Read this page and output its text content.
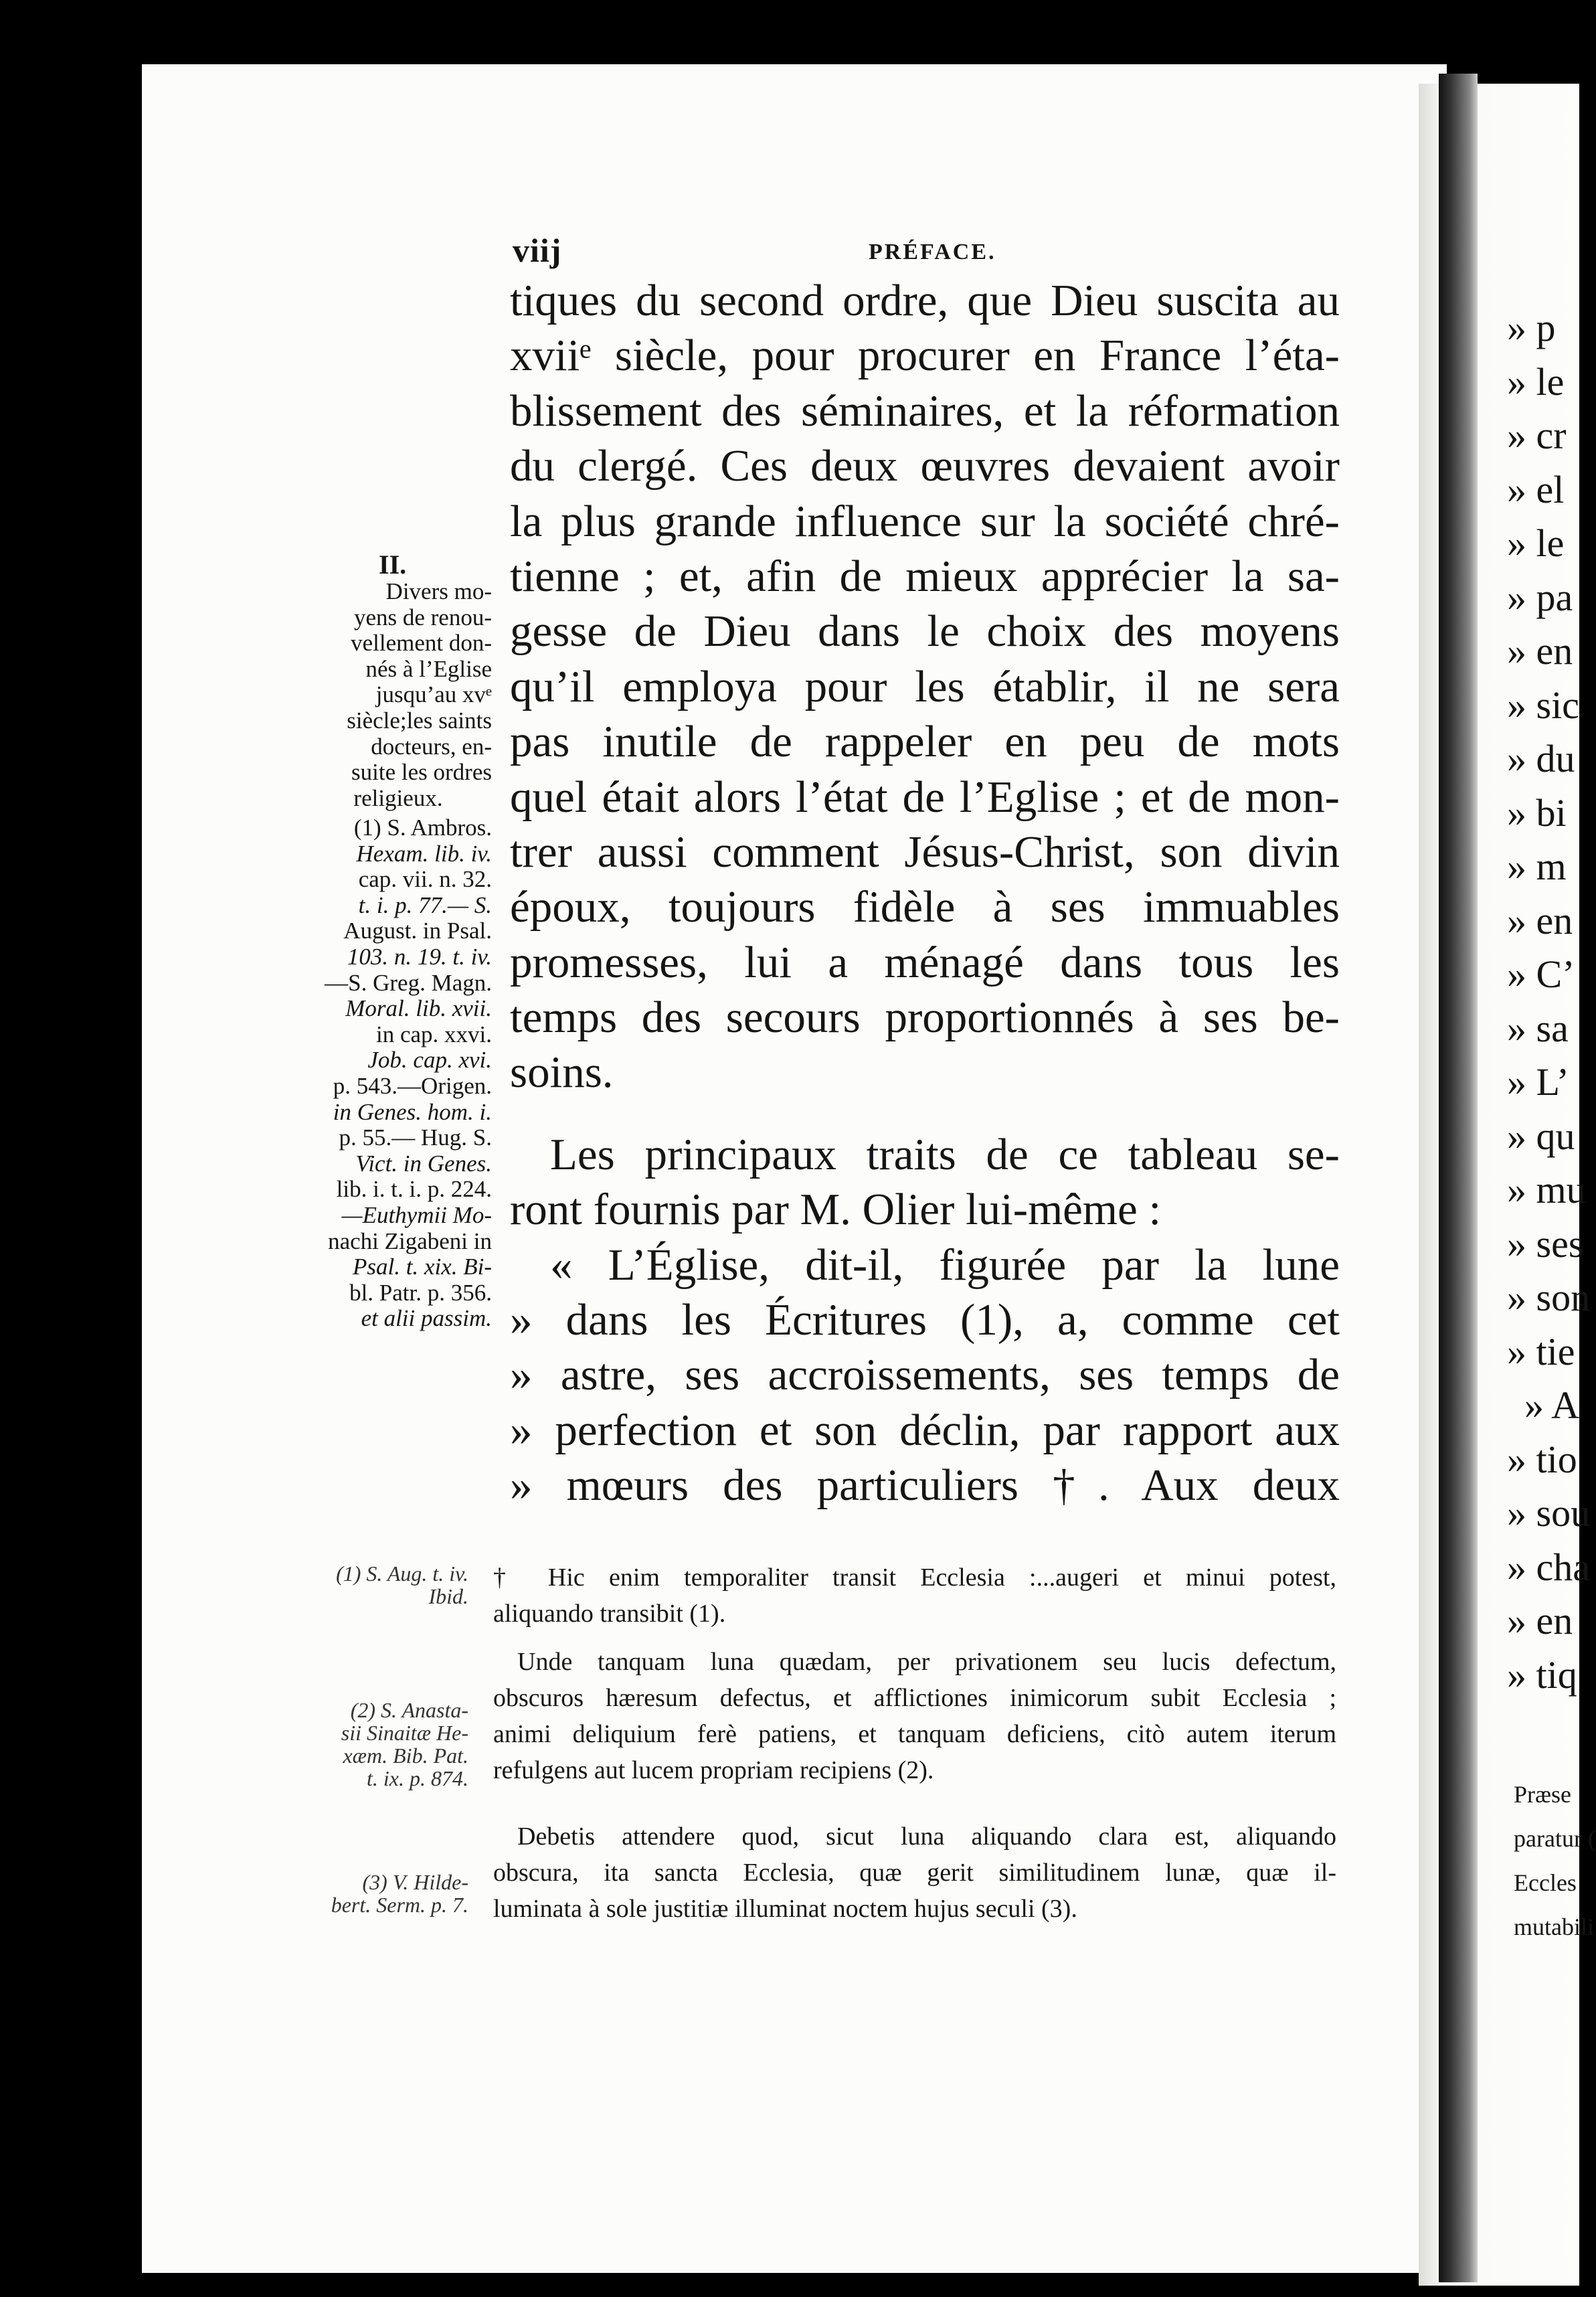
viij	PRÉFACE.
tiques du second ordre, que Dieu suscita au
xviiᵉ siècle, pour procurer en France l’éta-
blissement des séminaires, et la réformation
du clergé. Ces deux œuvres devaient avoir
la plus grande influence sur la société chré-
tienne ; et, afin de mieux apprécier la sa-
gesse de Dieu dans le choix des moyens
qu’il employa pour les établir, il ne sera
pas inutile de rappeler en peu de mots
quel était alors l’état de l’Eglise ; et de mon-
trer aussi comment Jésus-Christ, son divin
époux, toujours fidèle à ses immuables
promesses, lui a ménagé dans tous les
temps des secours proportionnés à ses be-
soins.
Les principaux traits de ce tableau se-
ront fournis par M. Olier lui-même :
« L’Église, dit-il, figurée par la lune
» dans les Écritures (1), a, comme cet
» astre, ses accroissements, ses temps de
» perfection et son déclin, par rapport aux
» mœurs des particuliers †. Aux deux
II.
Divers mo-
yens de renou-
vellement don-
nés à l’Eglise
jusqu’au xvᵉ
siècle;les saints
docteurs, en-
suite les ordres
religieux.
(1) S. Ambros.
Hexam. lib. iv.
cap. vii. n. 32.
t. i. p. 77.— S.
August. in Psal.
103. n. 19. t. iv.
—S. Greg. Magn.
Moral. lib. xvii.
in cap. xxvi.
Job. cap. xvi.
p. 543.—Origen.
in Genes. hom. i.
p. 55.— Hug. S.
Vict. in Genes.
lib. i. t. i. p. 224.
—Euthymii Mo-
nachi Zigabeni in
Psal. t. xix. Bi-
bl. Patr. p. 356.
et alii passim.
† Hic enim temporaliter transit Ecclesia :...augeri et minui potest,
aliquando transibit (1).
Unde tanquam luna quædam, per privationem seu lucis defectum,
obscuros hæresum defectus, et afflictiones inimicorum subit Ecclesia ;
animi deliquium ferè patiens, et tanquam deficiens, citò autem iterum
refulgens aut lucem propriam recipiens (2).
Debetis attendere quod, sicut luna aliquando clara est, aliquando
obscura, ita sancta Ecclesia, quæ gerit similitudinem lunæ, quæ il-
luminata à sole justitiæ illuminat noctem hujus seculi (3).
(1) S. Aug. t. iv.
Ibid.
(2) S. Anasta-
sii Sinaitæ He-
xæm. Bib. Pat.
t. ix. p. 874.
(3) V. Hilde-
bert. Serm. p. 7.
» p
» le
» cr
» el
» le
» pa
» en
» sic
» du
» bi
» m
» en
» C’
» sa
» L’
» qu
» mu
» ses
» son
» tie
» A
» tio
» sou
» cha
» en
» tiq
Præse
paratur (
Eccles
mutabili
